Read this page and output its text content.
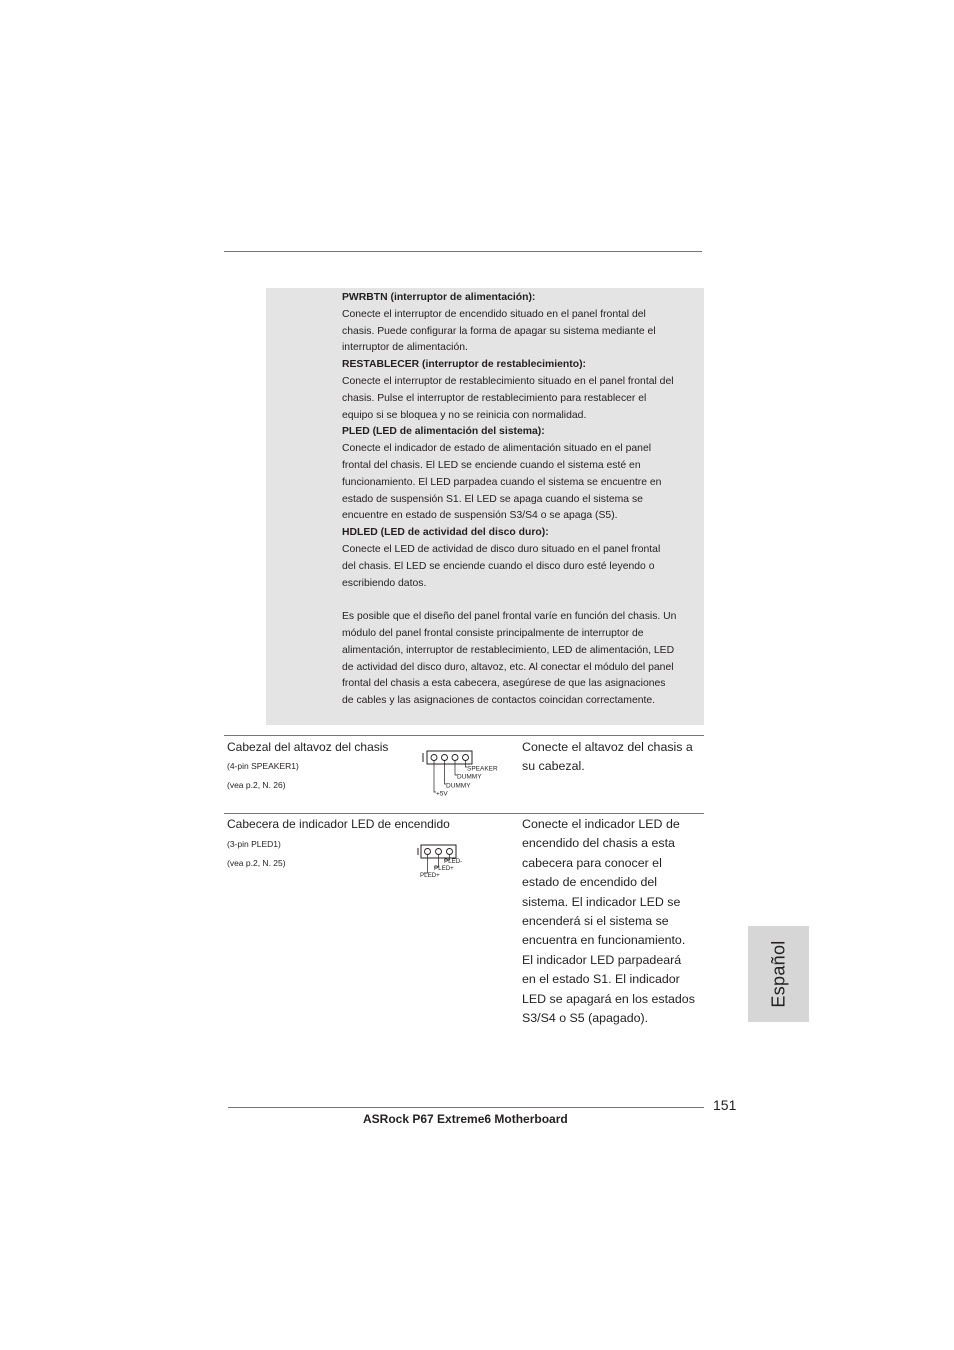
PWRBTN (interruptor de alimentación):

Conecte el interruptor de encendido situado en el panel frontal del

chasis. Puede configurar la forma de apagar su sistema mediante el

interruptor de alimentación.

RESTABLECER (interruptor de restablecimiento):

Conecte el interruptor de restablecimiento situado en el panel frontal del

chasis. Pulse el interruptor de restablecimiento para restablecer el

equipo si se bloquea y no se reinicia con normalidad.

PLED (LED de alimentación del sistema):

Conecte el indicador de estado de alimentación situado en el panel

frontal del chasis. El LED se enciende cuando el sistema esté en

funcionamiento. El LED parpadea cuando el sistema se encuentre en

estado de suspensión S1. El LED se apaga cuando el sistema se

encuentre en estado de suspensión S3/S4 o se apaga (S5).

HDLED (LED de actividad del disco duro):

Conecte el LED de actividad de disco duro situado en el panel frontal

del chasis. El LED se enciende cuando el disco duro esté leyendo o

escribiendo datos.

Es posible que el diseño del panel frontal varíe en función del chasis. Un

módulo del panel frontal consiste principalmente de interruptor de

alimentación, interruptor de restablecimiento, LED de alimentación, LED

de actividad del disco duro, altavoz, etc. Al conectar el módulo del panel

frontal del chasis a esta cabecera, asegúrese de que las asignaciones

de cables y las asignaciones de contactos coincidan correctamente.

Cabezal del altavoz del chasis
(4-pin SPEAKER1)
(vea p.2, N. 26)
SPEAKER
DUMMY
DUMMY
+5V

Conecte el altavoz del chasis a

su cabezal.

Cabecera de indicador LED de encendido
(3-pin PLED1)
(vea p.2, N. 25)	PLED-
PLED+
PLED+

Conecte el indicador LED de

encendido del chasis a esta

cabecera para conocer el

estado de encendido del

sistema. El indicador LED se

encenderá si el sistema se

encuentra en funcionamiento.

El indicador LED parpadeará

en el estado S1. El indicador

LED se apagará en los estados

S3/S4 o S5 (apagado).

Español
151
ASRock P67 Extreme6 Motherboard
